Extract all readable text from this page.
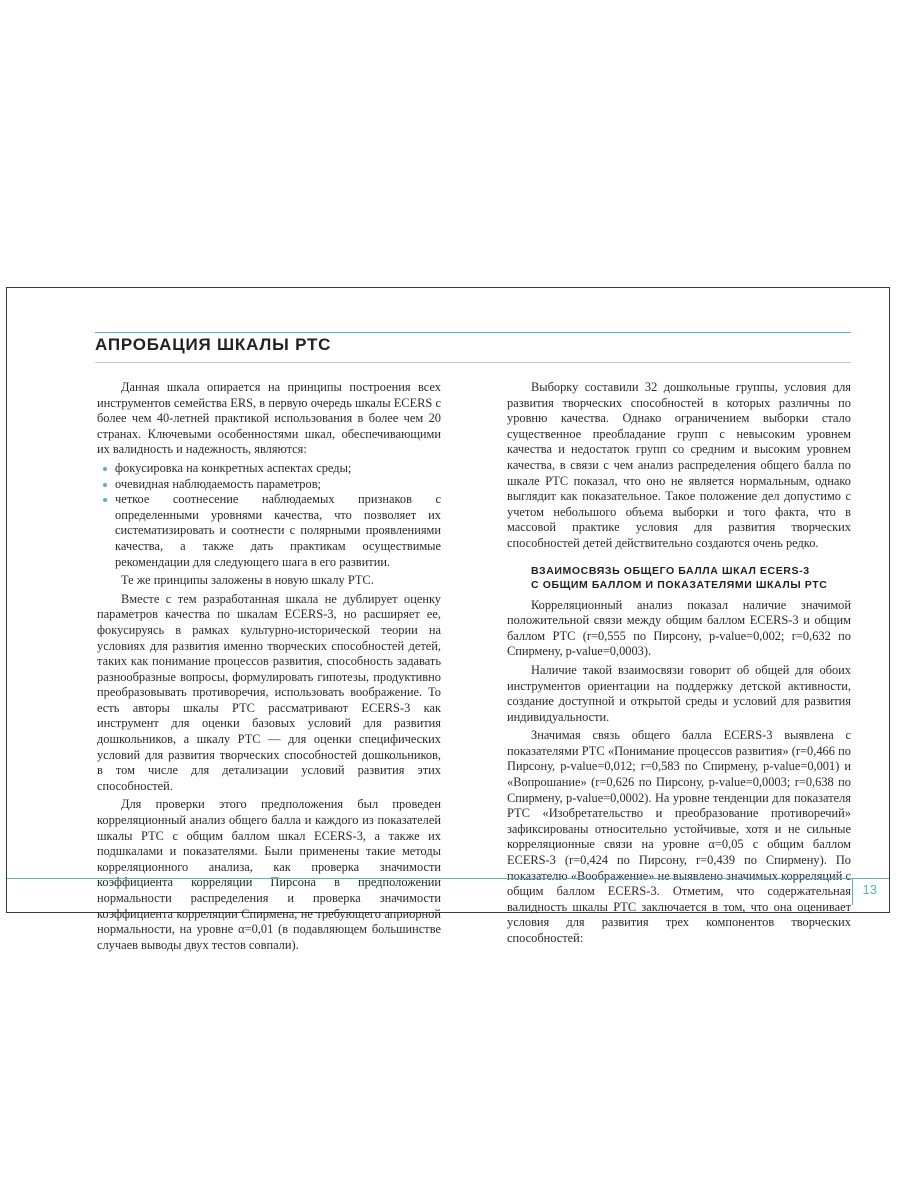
АПРОБАЦИЯ ШКАЛЫ РТС

Данная шкала опирается на принципы построения всех инструментов семейства ERS, в первую очередь шкалы ECERS с более чем 40-летней практикой использования в более чем 20 странах. Ключевыми особенностями шкал, обеспечивающими их валидность и надежность, являются:

фокусировка на конкретных аспектах среды;
очевидная наблюдаемость параметров;
четкое соотнесение наблюдаемых признаков с определенными уровнями качества, что позволяет их систематизировать и соотнести с полярными проявлениями качества, а также дать практикам осуществимые рекомендации для следующего шага в его развитии.

Те же принципы заложены в новую шкалу РТС.

Вместе с тем разработанная шкала не дублирует оценку параметров качества по шкалам ECERS-3, но расширяет ее, фокусируясь в рамках культурно-исторической теории на условиях для развития именно творческих способностей детей, таких как понимание процессов развития, способность задавать разнообразные вопросы, формулировать гипотезы, продуктивно преобразовывать противоречия, использовать воображение. То есть авторы шкалы РТС рассматривают ECERS-3 как инструмент для оценки базовых условий для развития дошкольников, а шкалу РТС — для оценки специфических условий для развития творческих способностей дошкольников, в том числе для детализации условий развития этих способностей.

Для проверки этого предположения был проведен корреляционный анализ общего балла и каждого из показателей шкалы РТС с общим баллом шкал ECERS-3, а также их подшкалами и показателями. Были применены такие методы корреляционного анализа, как проверка значимости коэффициента корреляции Пирсона в предположении нормальности распределения и проверка значимости коэффициента корреляции Спирмена, не требующего априорной нормальности, на уровне α=0,01 (в подавляющем большинстве случаев выводы двух тестов совпали).

Выборку составили 32 дошкольные группы, условия для развития творческих способностей в которых различны по уровню качества. Однако ограничением выборки стало существенное преобладание групп с невысоким уровнем качества и недостаток групп со средним и высоким уровнем качества, в связи с чем анализ распределения общего балла по шкале РТС показал, что оно не является нормальным, однако выглядит как показательное. Такое положение дел допустимо с учетом небольшого объема выборки и того факта, что в массовой практике условия для развития творческих способностей детей действительно создаются очень редко.

ВЗАИМОСВЯЗЬ ОБЩЕГО БАЛЛА ШКАЛ ECERS-3
С ОБЩИМ БАЛЛОМ И ПОКАЗАТЕЛЯМИ ШКАЛЫ РТС

Корреляционный анализ показал наличие значимой положительной связи между общим баллом ECERS-3 и общим баллом РТС (r=0,555 по Пирсону, p-value=0,002; r=0,632 по Спирмену, p-value=0,0003).

Наличие такой взаимосвязи говорит об общей для обоих инструментов ориентации на поддержку детской активности, создание доступной и открытой среды и условий для развития индивидуальности.

Значимая связь общего балла ECERS-3 выявлена с показателями РТС «Понимание процессов развития» (r=0,466 по Пирсону, p-value=0,012; r=0,583 по Спирмену, p-value=0,001) и «Вопрошание» (r=0,626 по Пирсону, p-value=0,0003; r=0,638 по Спирмену, p-value=0,0002). На уровне тенденции для показателя РТС «Изобретательство и преобразование противоречий» зафиксированы относительно устойчивые, хотя и не сильные корреляционные связи на уровне α=0,05 с общим баллом ECERS-3 (r=0,424 по Пирсону, r=0,439 по Спирмену). По показателю «Воображение» не выявлено значимых корреляций с общим баллом ECERS-3. Отметим, что содержательная валидность шкалы РТС заключается в том, что она оценивает условия для развития трех компонентов творческих способностей:

13
